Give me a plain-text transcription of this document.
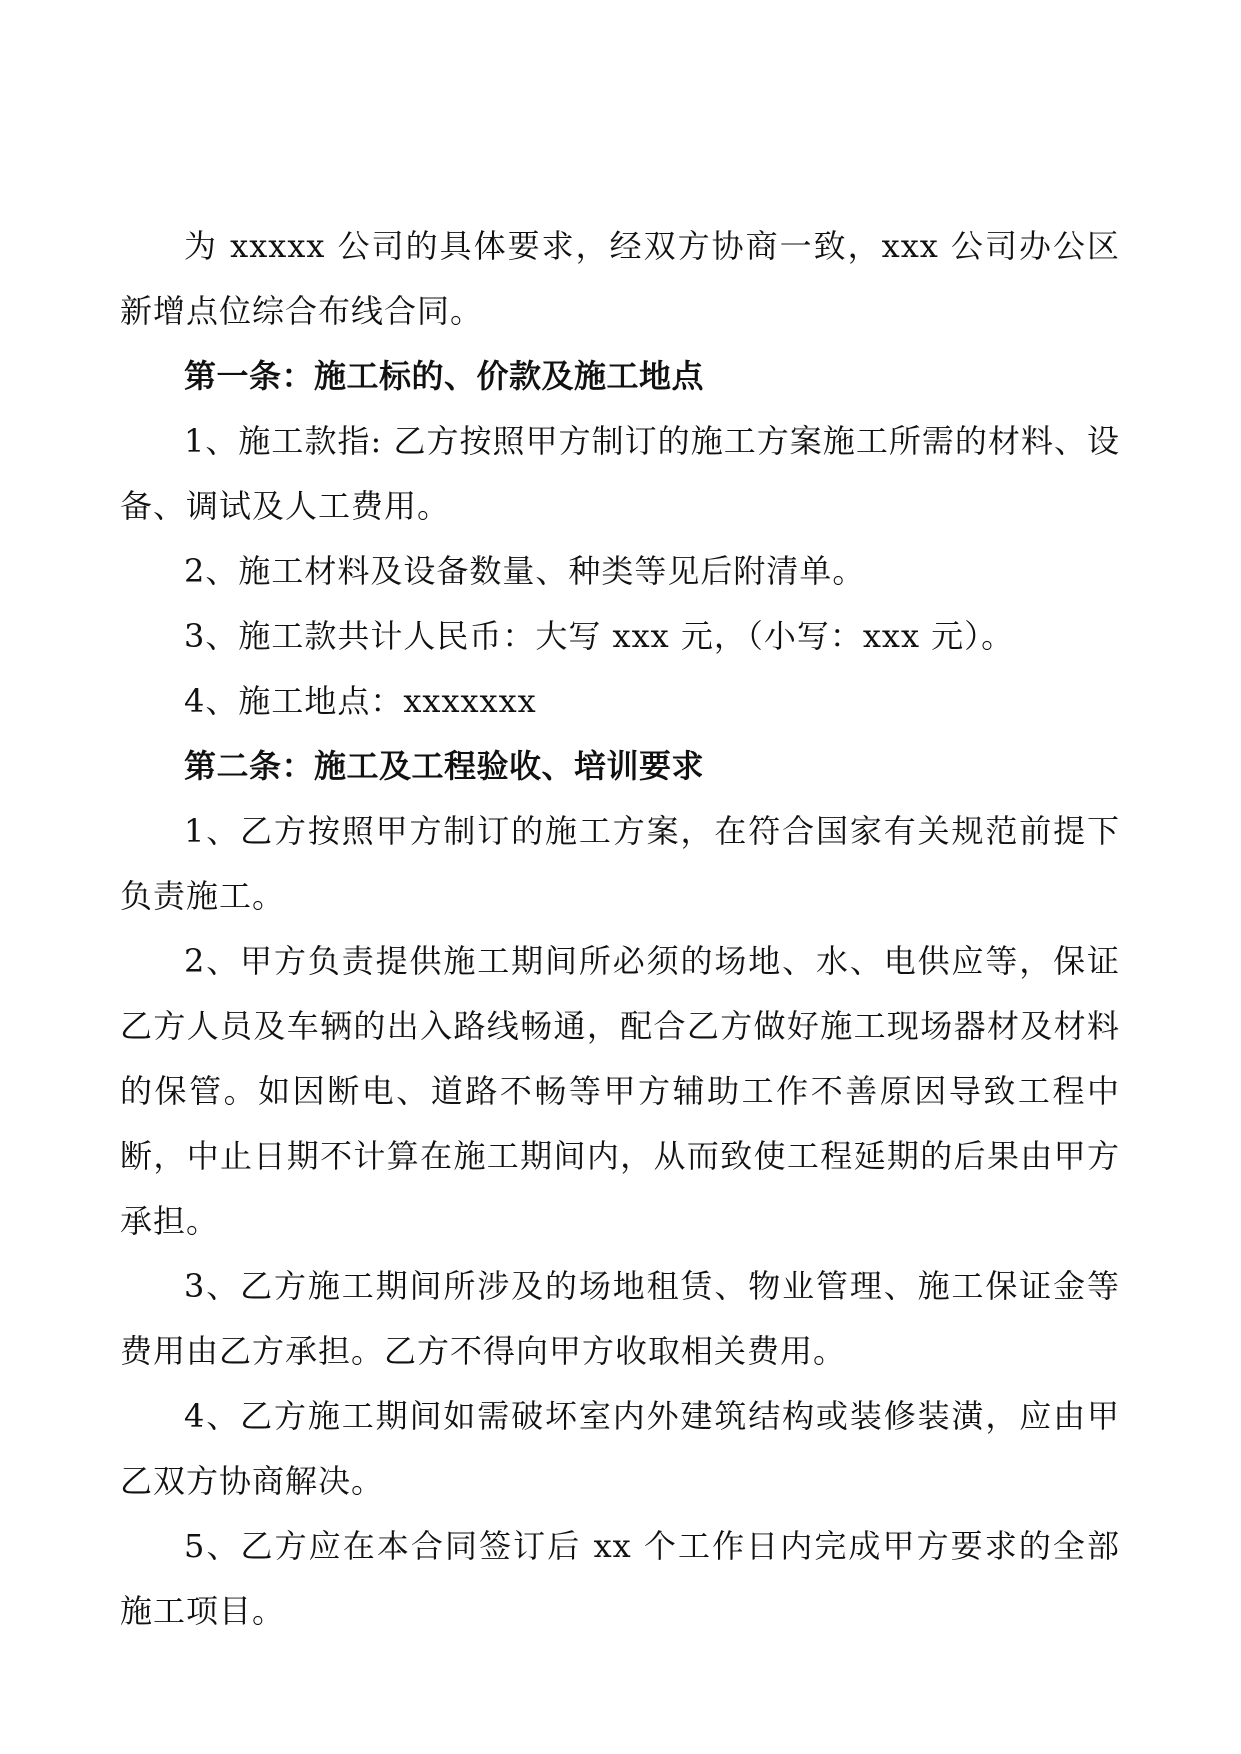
为 xxxxx 公司的具体要求，经双方协商一致，xxx 公司办公区新增点位综合布线合同。

第一条：施工标的、价款及施工地点

1、施工款指: 乙方按照甲方制订的施工方案施工所需的材料、设备、调试及人工费用。

2、施工材料及设备数量、种类等见后附清单。

3、施工款共计人民币：大写 xxx 元，（小写：xxx 元）。

4、施工地点：xxxxxxx

第二条：施工及工程验收、培训要求

1、乙方按照甲方制订的施工方案，在符合国家有关规范前提下负责施工。

2、甲方负责提供施工期间所必须的场地、水、电供应等，保证乙方人员及车辆的出入路线畅通，配合乙方做好施工现场器材及材料的保管。如因断电、道路不畅等甲方辅助工作不善原因导致工程中断，中止日期不计算在施工期间内，从而致使工程延期的后果由甲方承担。

3、乙方施工期间所涉及的场地租赁、物业管理、施工保证金等费用由乙方承担。乙方不得向甲方收取相关费用。

4、乙方施工期间如需破坏室内外建筑结构或装修装潢，应由甲乙双方协商解决。

5、乙方应在本合同签订后 xx 个工作日内完成甲方要求的全部施工项目。
